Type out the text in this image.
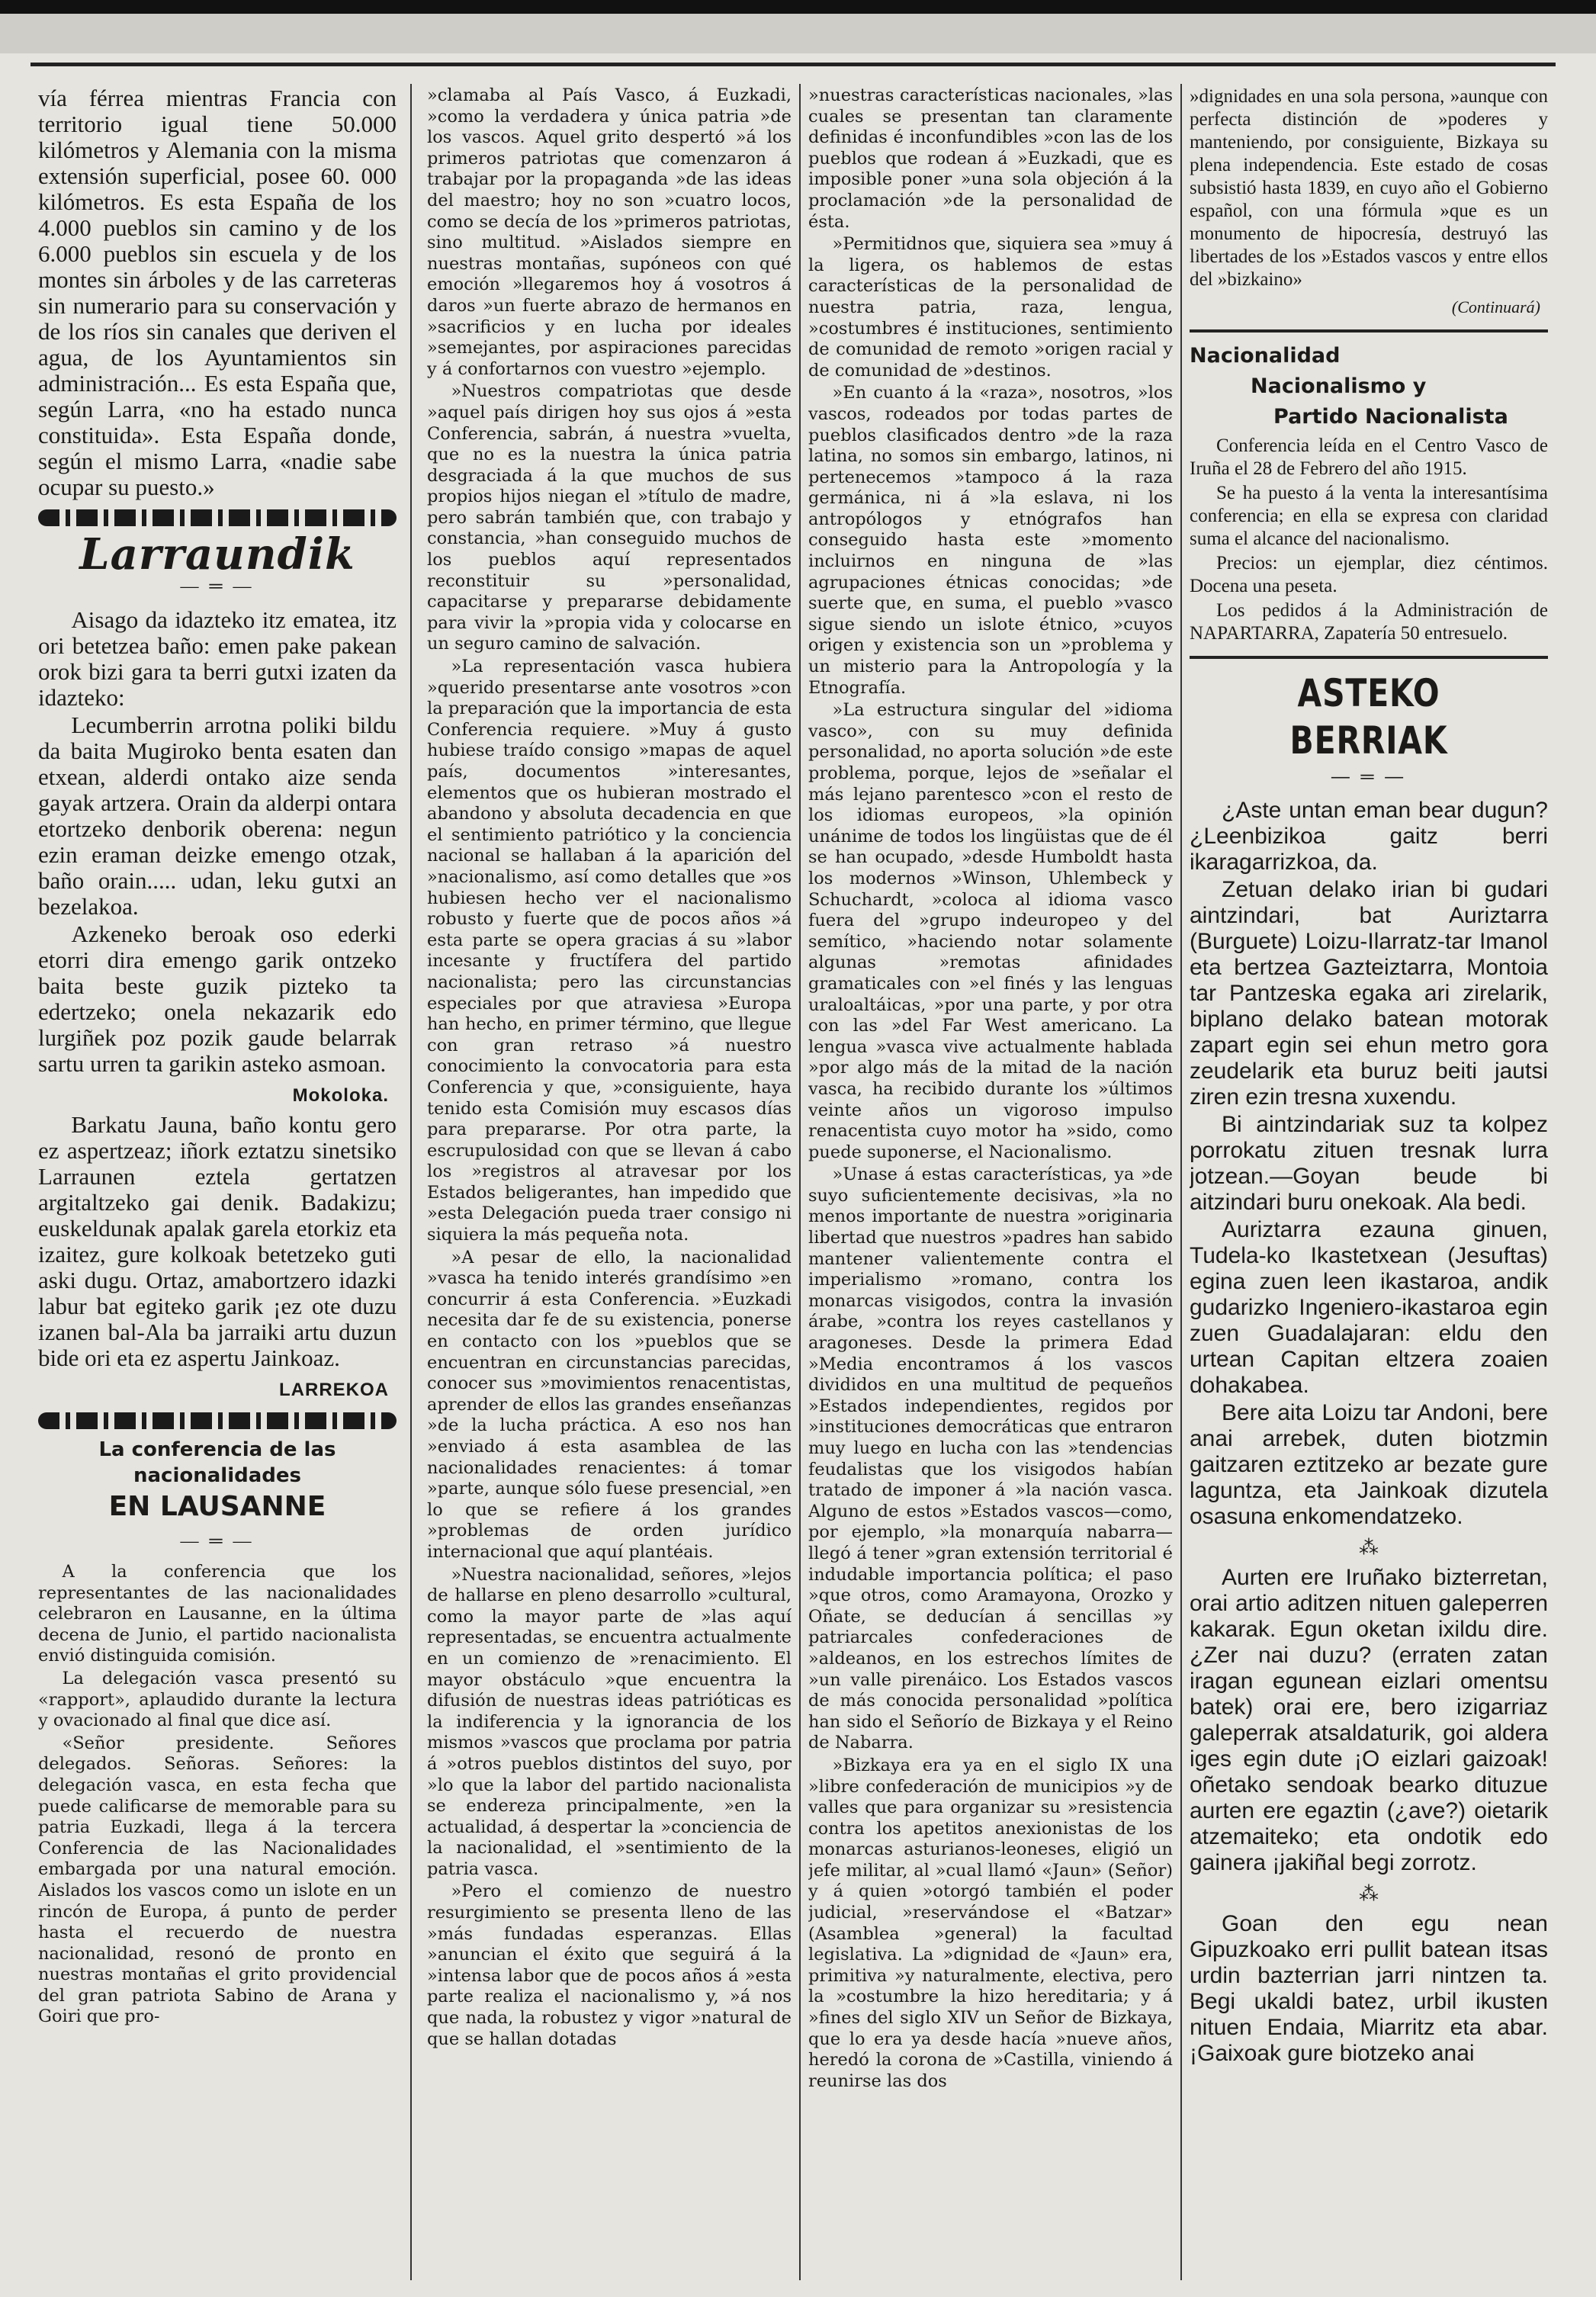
vía férrea mientras Francia con territorio igual tiene 50.000 kilómetros y Alemania con la misma extensión superficial, posee 60. 000 kilómetros. Es esta España de los 4.000 pueblos sin camino y de los 6.000 pueblos sin escuela y de los montes sin árboles y de las carreteras sin numerario para su conservación y de los ríos sin canales que deriven el agua, de los Ayuntamientos sin administración... Es esta España que, según Larra, «no ha estado nunca constituida». Esta España donde, según el mismo Larra, «nadie sabe ocupar su puesto.»

Larraundik
— ═ —

Aisago da idazteko itz ematea, itz ori betetzea baño: emen pake pakean orok bizi gara ta berri gutxi izaten da idazteko:

Lecumberrin arrotna poliki bildu da baita Mugiroko benta esaten dan etxean, alderdi ontako aize senda gayak artzera. Orain da alderpi ontara etortzeko denborik oberena: negun ezin eraman deizke emengo otzak, baño orain..... udan, leku gutxi an bezelakoa.

Azkeneko beroak oso ederki etorri dira emengo garik ontzeko baita beste guzik pizteko ta edertzeko; onela nekazarik edo lurgiñek poz pozik gaude belarrak sartu urren ta garikin asteko asmoan.

Mokoloka.

Barkatu Jauna, baño kontu gero ez aspertzeaz; iñork eztatzu sinetsiko Larraunen eztela gertatzen argitaltzeko gai denik. Badakizu; euskeldunak apalak garela etorkiz eta izaitez, gure kolkoak betetzeko guti aski dugu. Ortaz, amabortzero idazki labur bat egiteko garik ¡ez ote duzu izanen bal-Ala ba jarraiki artu duzun bide ori eta ez aspertu Jainkoaz.

LARREKOA
La conferencia de las nacionalidades
EN LAUSANNE
— ═ —

A la conferencia que los representantes de las nacionalidades celebraron en Lausanne, en la última decena de Junio, el partido nacionalista envió distinguida comisión.

La delegación vasca presentó su «rapport», aplaudido durante la lectura y ovacionado al final que dice así.

«Señor presidente. Señores delegados. Señoras. Señores: la delegación vasca, en esta fecha que puede calificarse de memorable para su patria Euzkadi, llega á la tercera Conferencia de las Nacionalidades embargada por una natural emoción. Aislados los vascos como un islote en un rincón de Europa, á punto de perder hasta el recuerdo de nuestra nacionalidad, resonó de pronto en nuestras montañas el grito providencial del gran patriota Sabino de Arana y Goiri que pro-

»clamaba al País Vasco, á Euzkadi, »como la verdadera y única patria »de los vascos. Aquel grito despertó »á los primeros patriotas que comenzaron á trabajar por la propaganda »de las ideas del maestro; hoy no son »cuatro locos, como se decía de los »primeros patriotas, sino multitud. »Aislados siempre en nuestras montañas, supóneos con qué emoción »llegaremos hoy á vosotros á daros »un fuerte abrazo de hermanos en »sacrificios y en lucha por ideales »semejantes, por aspiraciones parecidas y á confortarnos con vuestro »ejemplo.

»Nuestros compatriotas que desde »aquel país dirigen hoy sus ojos á »esta Conferencia, sabrán, á nuestra »vuelta, que no es la nuestra la única patria desgraciada á la que muchos de sus propios hijos niegan el »título de madre, pero sabrán también que, con trabajo y constancia, »han conseguido muchos de los pueblos aquí representados reconstituir su »personalidad, capacitarse y prepararse debidamente para vivir la »propia vida y colocarse en un seguro camino de salvación.

»La representación vasca hubiera »querido presentarse ante vosotros »con la preparación que la importancia de esta Conferencia requiere. »Muy á gusto hubiese traído consigo »mapas de aquel país, documentos »interesantes, elementos que os hubieran mostrado el abandono y absoluta decadencia en que el sentimiento patriótico y la conciencia nacional se hallaban á la aparición del »nacionalismo, así como detalles que »os hubiesen hecho ver el nacionalismo robusto y fuerte que de pocos años »á esta parte se opera gracias á su »labor incesante y fructífera del partido nacionalista; pero las circunstancias especiales por que atraviesa »Europa han hecho, en primer término, que llegue con gran retraso »á nuestro conocimiento la convocatoria para esta Conferencia y que, »consiguiente, haya tenido esta Comisión muy escasos días para prepararse. Por otra parte, la escrupulosidad con que se llevan á cabo los »registros al atravesar por los Estados beligerantes, han impedido que »esta Delegación pueda traer consigo ni siquiera la más pequeña nota.

»A pesar de ello, la nacionalidad »vasca ha tenido interés grandísimo »en concurrir á esta Conferencia. »Euzkadi necesita dar fe de su existencia, ponerse en contacto con los »pueblos que se encuentran en circunstancias parecidas, conocer sus »movimientos renacentistas, aprender de ellos las grandes enseñanzas »de la lucha práctica. A eso nos han »enviado á esta asamblea de las nacionalidades renacientes: á tomar »parte, aunque sólo fuese presencial, »en lo que se refiere á los grandes »problemas de orden jurídico internacional que aquí plantéais.

»Nuestra nacionalidad, señores, »lejos de hallarse en pleno desarrollo »cultural, como la mayor parte de »las aquí representadas, se encuentra actualmente en un comienzo de »renacimiento. El mayor obstáculo »que encuentra la difusión de nuestras ideas patrióticas es la indiferencia y la ignorancia de los mismos »vascos que proclama por patria á »otros pueblos distintos del suyo, por »lo que la labor del partido nacionalista se endereza principalmente, »en la actualidad, á despertar la »conciencia de la nacionalidad, el »sentimiento de la patria vasca.

»Pero el comienzo de nuestro resurgimiento se presenta lleno de las »más fundadas esperanzas. Ellas »anuncian el éxito que seguirá á la »intensa labor que de pocos años á »esta parte realiza el nacionalismo y, »á nos que nada, la robustez y vigor »natural de que se hallan dotadas

»nuestras características nacionales, »las cuales se presentan tan claramente definidas é inconfundibles »con las de los pueblos que rodean á »Euzkadi, que es imposible poner »una sola objeción á la proclamación »de la personalidad de ésta.

»Permitidnos que, siquiera sea »muy á la ligera, os hablemos de estas características de la personalidad de nuestra patria, raza, lengua, »costumbres é instituciones, sentimiento de comunidad de remoto »origen racial y de comunidad de »destinos.

»En cuanto á la «raza», nosotros, »los vascos, rodeados por todas partes de pueblos clasificados dentro »de la raza latina, no somos sin embargo, latinos, ni pertenecemos »tampoco á la raza germánica, ni á »la eslava, ni los antropólogos y etnógrafos han conseguido hasta este »momento incluirnos en ninguna de »las agrupaciones étnicas conocidas; »de suerte que, en suma, el pueblo »vasco sigue siendo un islote étnico, »cuyos origen y existencia son un »problema y un misterio para la Antropología y la Etnografía.

»La estructura singular del »idioma vasco», con su muy definida personalidad, no aporta solución »de este problema, porque, lejos de »señalar el más lejano parentesco »con el resto de los idiomas europeos, »la opinión unánime de todos los lingüistas que de él se han ocupado, »desde Humboldt hasta los modernos »Winson, Uhlembeck y Schuchardt, »coloca al idioma vasco fuera del »grupo indeuropeo y del semítico, »haciendo notar solamente algunas »remotas afinidades gramaticales con »el finés y las lenguas uraloaltáicas, »por una parte, y por otra con las »del Far West americano. La lengua »vasca vive actualmente hablada »por algo más de la mitad de la nación vasca, ha recibido durante los »últimos veinte años un vigoroso impulso renacentista cuyo motor ha »sido, como puede suponerse, el Nacionalismo.

»Unase á estas características, ya »de suyo suficientemente decisivas, »la no menos importante de nuestra »originaria libertad que nuestros »padres han sabido mantener valientemente contra el imperialismo »romano, contra los monarcas visigodos, contra la invasión árabe, »contra los reyes castellanos y aragoneses. Desde la primera Edad »Media encontramos á los vascos divididos en una multitud de pequeños »Estados independientes, regidos por »instituciones democráticas que entraron muy luego en lucha con las »tendencias feudalistas que los visigodos habían tratado de imponer á »la nación vasca. Alguno de estos »Estados vascos—como, por ejemplo, »la monarquía nabarra—llegó á tener »gran extensión territorial é indudable importancia política; el paso »que otros, como Aramayona, Orozko y Oñate, se deducían á sencillas »y patriarcales confederaciones de »aldeanos, en los estrechos límites de »un valle pirenáico. Los Estados vascos de más conocida personalidad »política han sido el Señorío de Bizkaya y el Reino de Nabarra.

»Bizkaya era ya en el siglo IX una »libre confederación de municipios »y de valles que para organizar su »resistencia contra los apetitos anexionistas de los monarcas asturianos-leoneses, eligió un jefe militar, al »cual llamó «Jaun» (Señor) y á quien »otorgó también el poder judicial, »reservándose el «Batzar» (Asamblea »general) la facultad legislativa. La »dignidad de «Jaun» era, primitiva »y naturalmente, electiva, pero la »costumbre la hizo hereditaria; y á »fines del siglo XIV un Señor de Bizkaya, que lo era ya desde hacía »nueve años, heredó la corona de »Castilla, viniendo á reunirse las dos

»dignidades en una sola persona, »aunque con perfecta distinción de »poderes y manteniendo, por consiguiente, Bizkaya su plena independencia. Este estado de cosas subsistió hasta 1839, en cuyo año el Gobierno español, con una fórmula »que es un monumento de hipocresía, destruyó las libertades de los »Estados vascos y entre ellos del »bizkaino»

(Continuará)
Nacionalidad
Nacionalismo y
Partido Nacionalista

Conferencia leída en el Centro Vasco de Iruña el 28 de Febrero del año 1915.

Se ha puesto á la venta la interesantísima conferencia; en ella se expresa con claridad suma el alcance del nacionalismo.

Precios: un ejemplar, diez céntimos. Docena una peseta.

Los pedidos á la Administración de NAPARTARRA, Zapatería 50 entresuelo.

ASTEKO BERRIAK
— ═ —

¿Aste untan eman bear dugun? ¿Leenbizikoa gaitz berri ikaragarrizkoa, da.

Zetuan delako irian bi gudari aintzindari, bat Auriztarra (Burguete) Loizu-Ilarratz-tar Imanol eta bertzea Gazteiztarra, Montoia tar Pantzeska egaka ari zirelarik, biplano delako batean motorak zapart egin sei ehun metro gora zeudelarik eta buruz beiti jautsi ziren ezin tresna xuxendu.

Bi aintzindariak suz ta kolpez porrokatu zituen tresnak lurra jotzean.—Goyan beude bi aitzindari buru onekoak. Ala bedi.

Auriztarra ezauna ginuen, Tudela-ko Ikastetxean (Jesuftas) egina zuen leen ikastaroa, andik gudarizko Ingeniero-ikastaroa egin zuen Guadalajaran: eldu den urtean Capitan eltzera zoaien dohakabea.

Bere aita Loizu tar Andoni, bere anai arrebek, duten biotzmin gaitzaren eztitzeko ar bezate gure laguntza, eta Jainkoak dizutela osasuna enkomendatzeko.

⁂

Aurten ere Iruñako bizterretan, orai artio aditzen nituen galeperren kakarak. Egun oketan ixildu dire. ¿Zer nai duzu? (erraten zatan iragan egunean eizlari omentsu batek) orai ere, bero izigarriaz galeperrak atsaldaturik, goi aldera iges egin dute ¡O eizlari gaizoak! oñetako sendoak bearko dituzue aurten ere egaztin (¿ave?) oietarik atzemaiteko; eta ondotik edo gainera ¡jakiñal begi zorrotz.

⁂

Goan den egu nean Gipuzkoako erri pullit batean itsas urdin bazterrian jarri nintzen ta. Begi ukaldi batez, urbil ikusten nituen Endaia, Miarritz eta abar. ¡Gaixoak gure biotzeko anai
